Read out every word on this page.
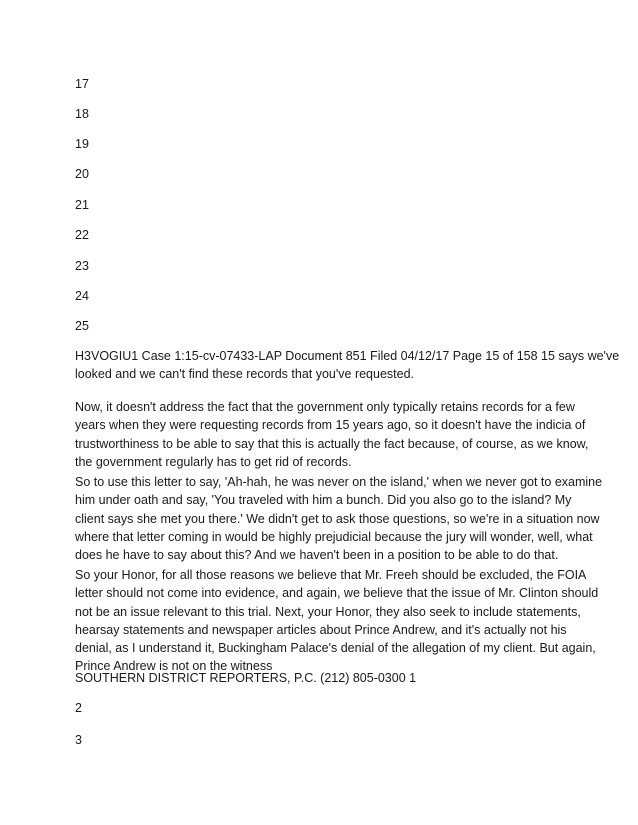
17

18

19

20

21

22

23

24

25

H3VOGIU1 Case 1:15-cv-07433-LAP Document 851 Filed 04/12/17 Page 15 of 158 15 says we've
looked and we can't find these records that you've requested.
Now, it doesn't address the fact that the government only typically retains records for a few
years when they were requesting records from 15 years ago, so it doesn't have the indicia of
trustworthiness to be able to say that this is actually the fact because, of course, as we know,
the government regularly has to get rid of records.
So to use this letter to say, 'Ah-hah, he was never on the island,' when we never got to examine
him under oath and say, 'You traveled with him a bunch. Did you also go to the island? My
client says she met you there.' We didn't get to ask those questions, so we're in a situation now
where that letter coming in would be highly prejudicial because the jury will wonder, well, what
does he have to say about this? And we haven't been in a position to be able to do that.
So your Honor, for all those reasons we believe that Mr. Freeh should be excluded, the FOIA
letter should not come into evidence, and again, we believe that the issue of Mr. Clinton should
not be an issue relevant to this trial. Next, your Honor, they also seek to include statements,
hearsay statements and newspaper articles about Prince Andrew, and it's actually not his
denial, as I understand it, Buckingham Palace's denial of the allegation of my client. But again,
Prince Andrew is not on the witness

SOUTHERN DISTRICT REPORTERS, P.C. (212) 805-0300 1

2

3
